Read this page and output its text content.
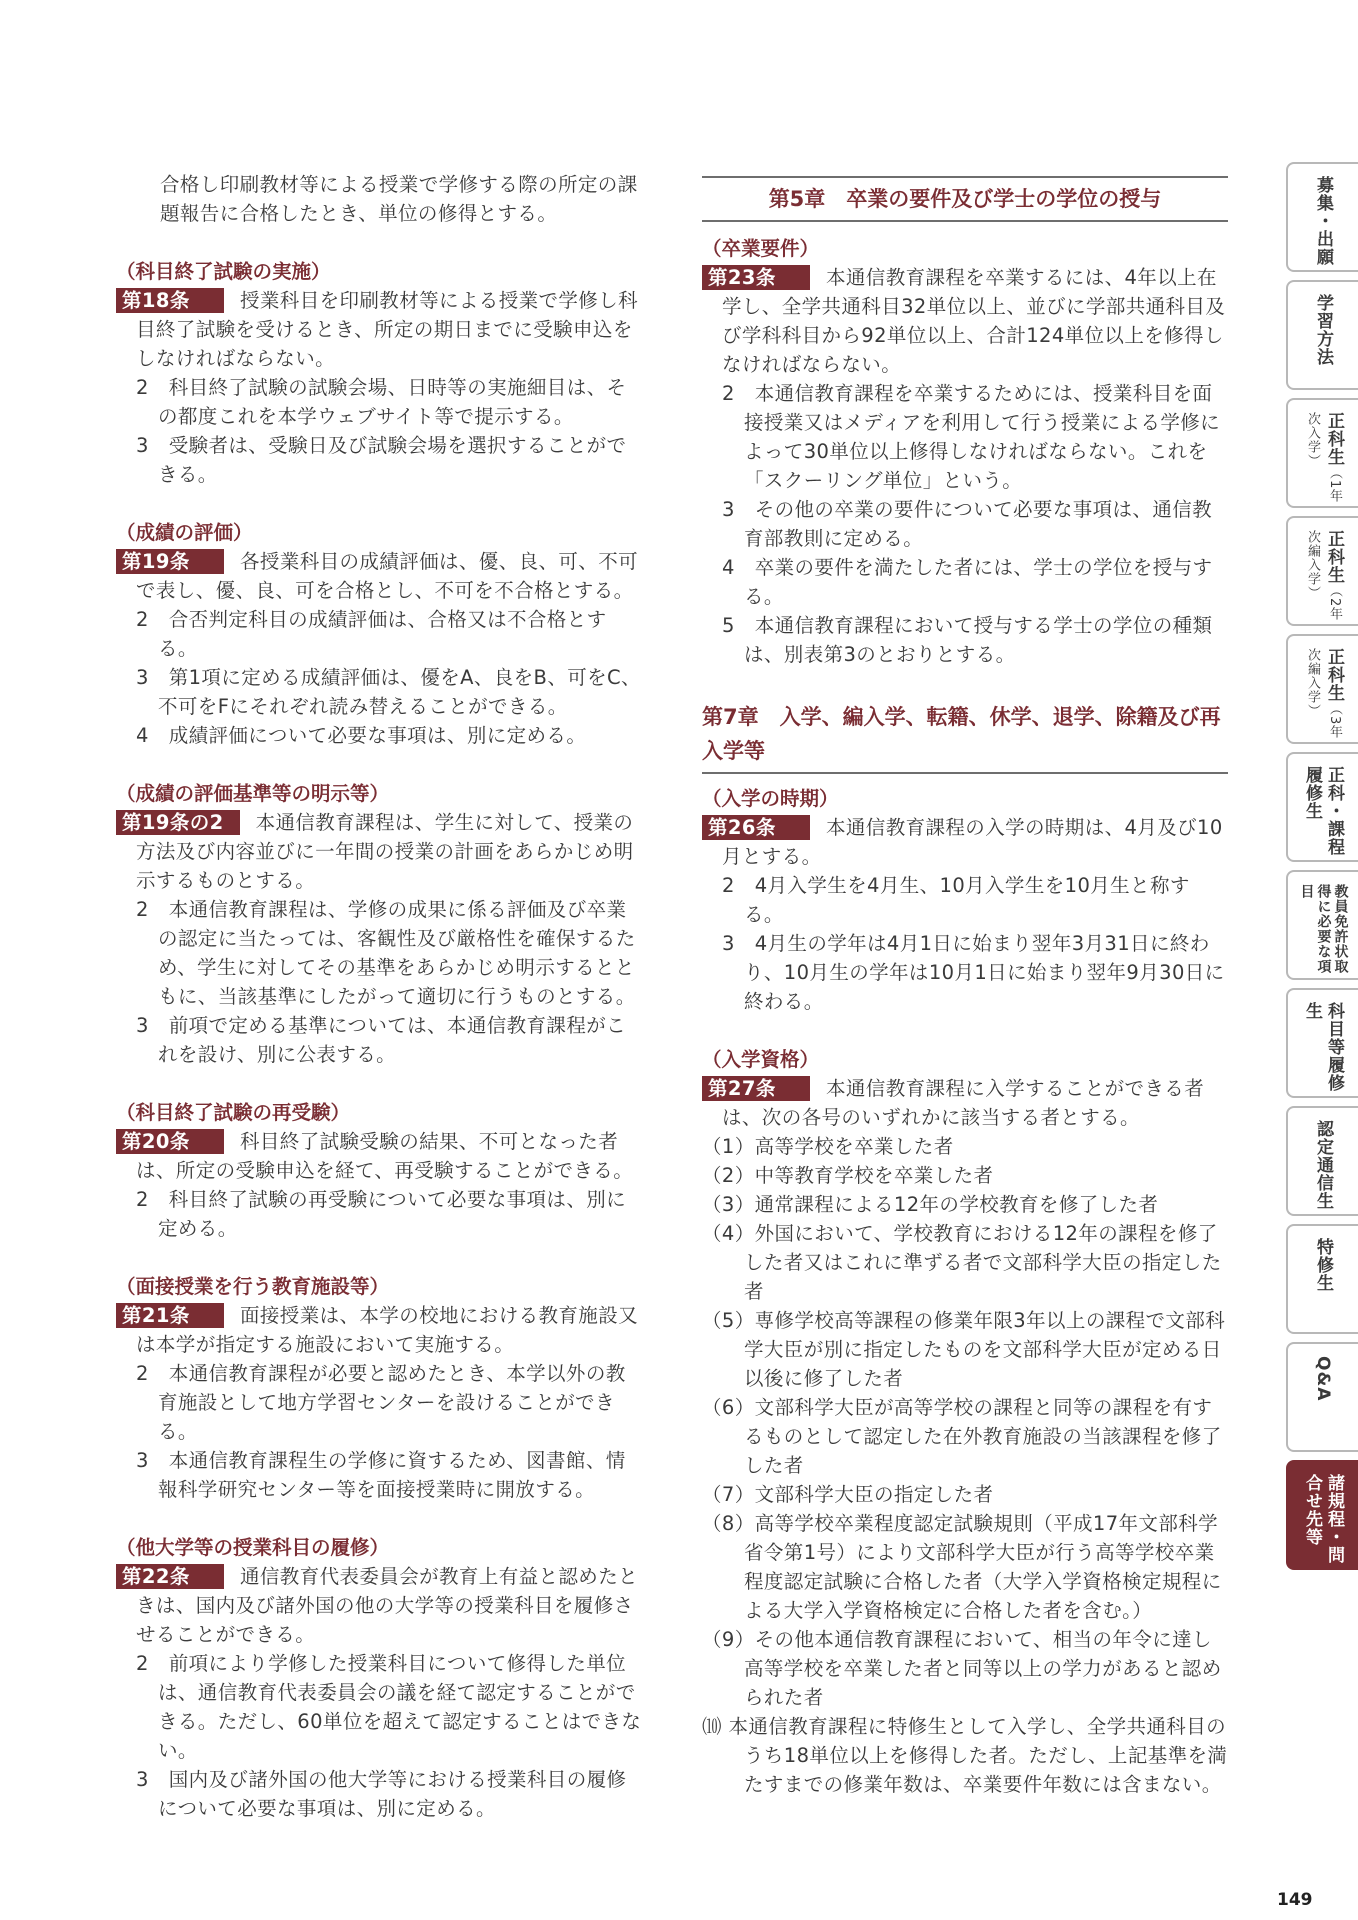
合格し印刷教材等による授業で学修する際の所定の課題報告に合格したとき、単位の修得とする。

（科目終了試験の実施）

第18条	授業科目を印刷教材等による授業で学修し科目終了試験を受けるとき、所定の期日までに受験申込をしなければならない。

2　科目終了試験の試験会場、日時等の実施細目は、その都度これを本学ウェブサイト等で提示する。

3　受験者は、受験日及び試験会場を選択することができる。

（成績の評価）

第19条	各授業科目の成績評価は、優、良、可、不可で表し、優、良、可を合格とし、不可を不合格とする。

2　合否判定科目の成績評価は、合格又は不合格とする。

3　第1項に定める成績評価は、優をA、良をB、可をC、不可をFにそれぞれ読み替えることができる。

4　成績評価について必要な事項は、別に定める。

（成績の評価基準等の明示等）

第19条の2 本通信教育課程は、学生に対して、授業の方法及び内容並びに一年間の授業の計画をあらかじめ明示するものとする。

2　本通信教育課程は、学修の成果に係る評価及び卒業の認定に当たっては、客観性及び厳格性を確保するため、学生に対してその基準をあらかじめ明示するとともに、当該基準にしたがって適切に行うものとする。

3　前項で定める基準については、本通信教育課程がこれを設け、別に公表する。

（科目終了試験の再受験）

第20条	科目終了試験受験の結果、不可となった者は、所定の受験申込を経て、再受験することができる。

2　科目終了試験の再受験について必要な事項は、別に定める。

（面接授業を行う教育施設等）

第21条	面接授業は、本学の校地における教育施設又は本学が指定する施設において実施する。

2　本通信教育課程が必要と認めたとき、本学以外の教育施設として地方学習センターを設けることができる。

3　本通信教育課程生の学修に資するため、図書館、情報科学研究センター等を面接授業時に開放する。

（他大学等の授業科目の履修）

第22条	通信教育代表委員会が教育上有益と認めたときは、国内及び諸外国の他の大学等の授業科目を履修させることができる。

2　前項により学修した授業科目について修得した単位は、通信教育代表委員会の議を経て認定することができる。ただし、60単位を超えて認定することはできない。

3　国内及び諸外国の他大学等における授業科目の履修について必要な事項は、別に定める。

第5章　卒業の要件及び学士の学位の授与

（卒業要件）

第23条	本通信教育課程を卒業するには、4年以上在学し、全学共通科目32単位以上、並びに学部共通科目及び学科科目から92単位以上、合計124単位以上を修得しなければならない。

2　本通信教育課程を卒業するためには、授業科目を面接授業又はメディアを利用して行う授業による学修によって30単位以上修得しなければならない。これを「スクーリング単位」という。

3　その他の卒業の要件について必要な事項は、通信教育部教則に定める。

4　卒業の要件を満たした者には、学士の学位を授与する。

5　本通信教育課程において授与する学士の学位の種類は、別表第3のとおりとする。

第7章　入学、編入学、転籍、休学、退学、除籍及び再入学等

（入学の時期）

第26条	本通信教育課程の入学の時期は、4月及び10月とする。

2　4月入学生を4月生、10月入学生を10月生と称する。

3　4月生の学年は4月1日に始まり翌年3月31日に終わり、10月生の学年は10月1日に始まり翌年9月30日に終わる。

（入学資格）

第27条	本通信教育課程に入学することができる者は、次の各号のいずれかに該当する者とする。

（1）高等学校を卒業した者

（2）中等教育学校を卒業した者

（3）通常課程による12年の学校教育を修了した者

（4）外国において、学校教育における12年の課程を修了した者又はこれに準ずる者で文部科学大臣の指定した者

（5）専修学校高等課程の修業年限3年以上の課程で文部科学大臣が別に指定したものを文部科学大臣が定める日以後に修了した者

（6）文部科学大臣が高等学校の課程と同等の課程を有するものとして認定した在外教育施設の当該課程を修了した者

（7）文部科学大臣の指定した者

（8）高等学校卒業程度認定試験規則（平成17年文部科学省令第1号）により文部科学大臣が行う高等学校卒業程度認定試験に合格した者（大学入学資格検定規程による大学入学資格検定に合格した者を含む。）

（9）その他本通信教育課程において、相当の年令に達し高等学校を卒業した者と同等以上の学力があると認められた者

⑽ 本通信教育課程に特修生として入学し、全学共通科目のうち18単位以上を修得した者。ただし、上記基準を満たすまでの修業年数は、卒業要件年数には含まない。

募集・出願
学習方法
正科生（1年次入学）
正科生（2年次編入学）
正科生（3年次編入学）
正科・課程履修生
教員免許状取得に必要な項目
科目等履修生
認定通信生
特修生
Q&A
諸規程・問合せ先等
149
